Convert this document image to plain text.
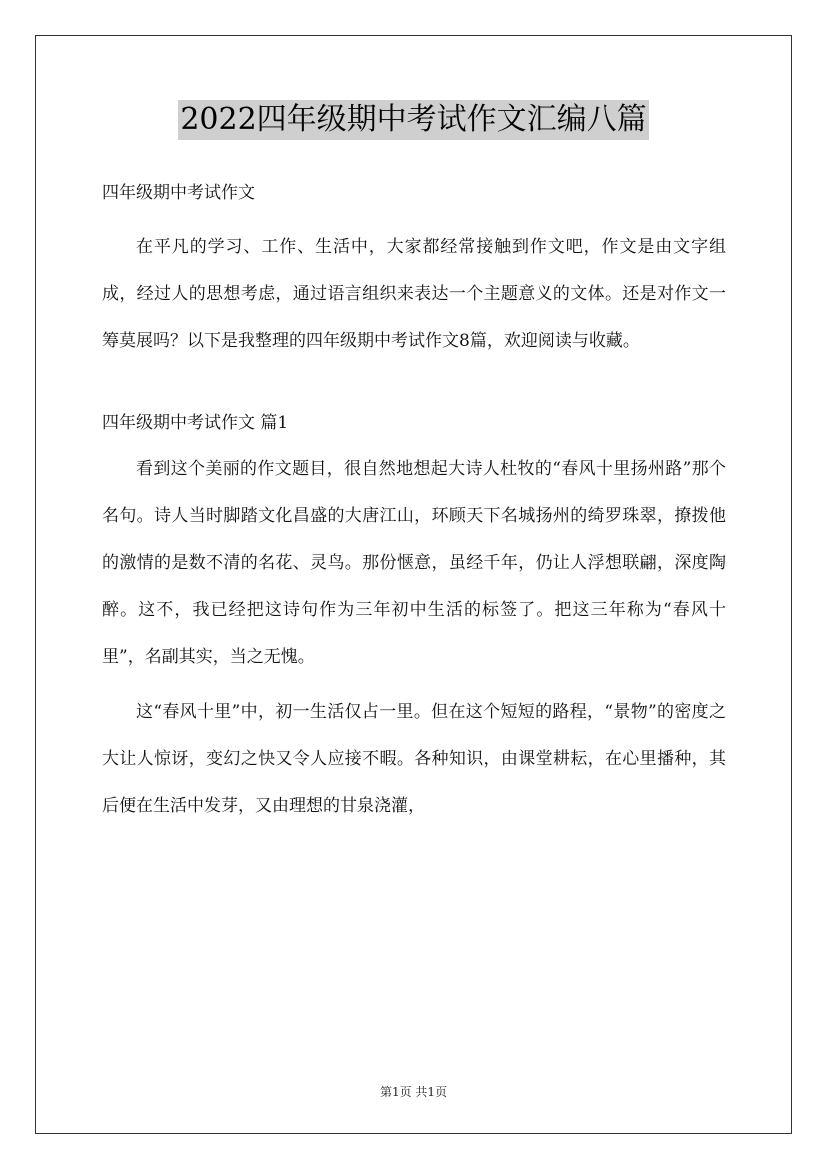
2022四年级期中考试作文汇编八篇

四年级期中考试作文

在平凡的学习、工作、生活中，大家都经常接触到作文吧，作文是由文字组成，经过人的思想考虑，通过语言组织来表达一个主题意义的文体。还是对作文一筹莫展吗？以下是我整理的四年级期中考试作文8篇，欢迎阅读与收藏。

四年级期中考试作文 篇1

看到这个美丽的作文题目，很自然地想起大诗人杜牧的“春风十里扬州路”那个名句。诗人当时脚踏文化昌盛的大唐江山，环顾天下名城扬州的绮罗珠翠，撩拨他的激情的是数不清的名花、灵鸟。那份惬意，虽经千年，仍让人浮想联翩，深度陶醉。这不，我已经把这诗句作为三年初中生活的标签了。把这三年称为“春风十里”，名副其实，当之无愧。

这“春风十里”中，初一生活仅占一里。但在这个短短的路程，“景物”的密度之大让人惊讶，变幻之快又令人应接不暇。各种知识，由课堂耕耘，在心里播种，其后便在生活中发芽，又由理想的甘泉浇灌，

第1页 共1页
